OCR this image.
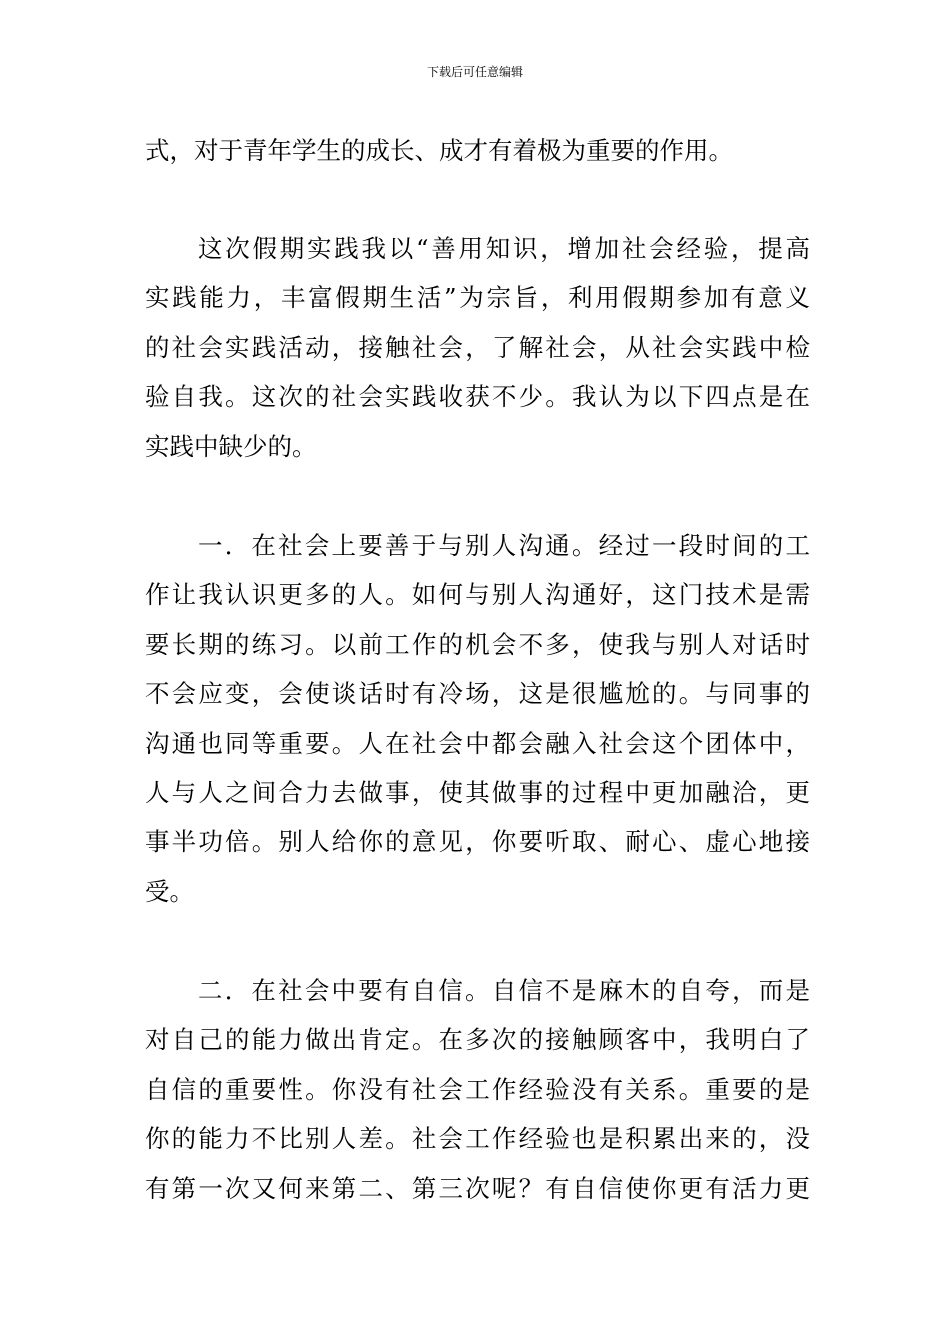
下载后可任意编辑
式，对于青年学生的成长、成才有着极为重要的作用。
这次假期实践我以“善用知识，增加社会经验，提高
实践能力，丰富假期生活”为宗旨，利用假期参加有意义
的社会实践活动，接触社会，了解社会，从社会实践中检
验自我。这次的社会实践收获不少。我认为以下四点是在
实践中缺少的。
一．在社会上要善于与别人沟通。经过一段时间的工
作让我认识更多的人。如何与别人沟通好，这门技术是需
要长期的练习。以前工作的机会不多，使我与别人对话时
不会应变，会使谈话时有冷场，这是很尴尬的。与同事的
沟通也同等重要。人在社会中都会融入社会这个团体中，
人与人之间合力去做事，使其做事的过程中更加融洽，更
事半功倍。别人给你的意见，你要听取、耐心、虚心地接
受。
二．在社会中要有自信。自信不是麻木的自夸，而是
对自己的能力做出肯定。在多次的接触顾客中，我明白了
自信的重要性。你没有社会工作经验没有关系。重要的是
你的能力不比别人差。社会工作经验也是积累出来的，没
有第一次又何来第二、第三次呢？有自信使你更有活力更
